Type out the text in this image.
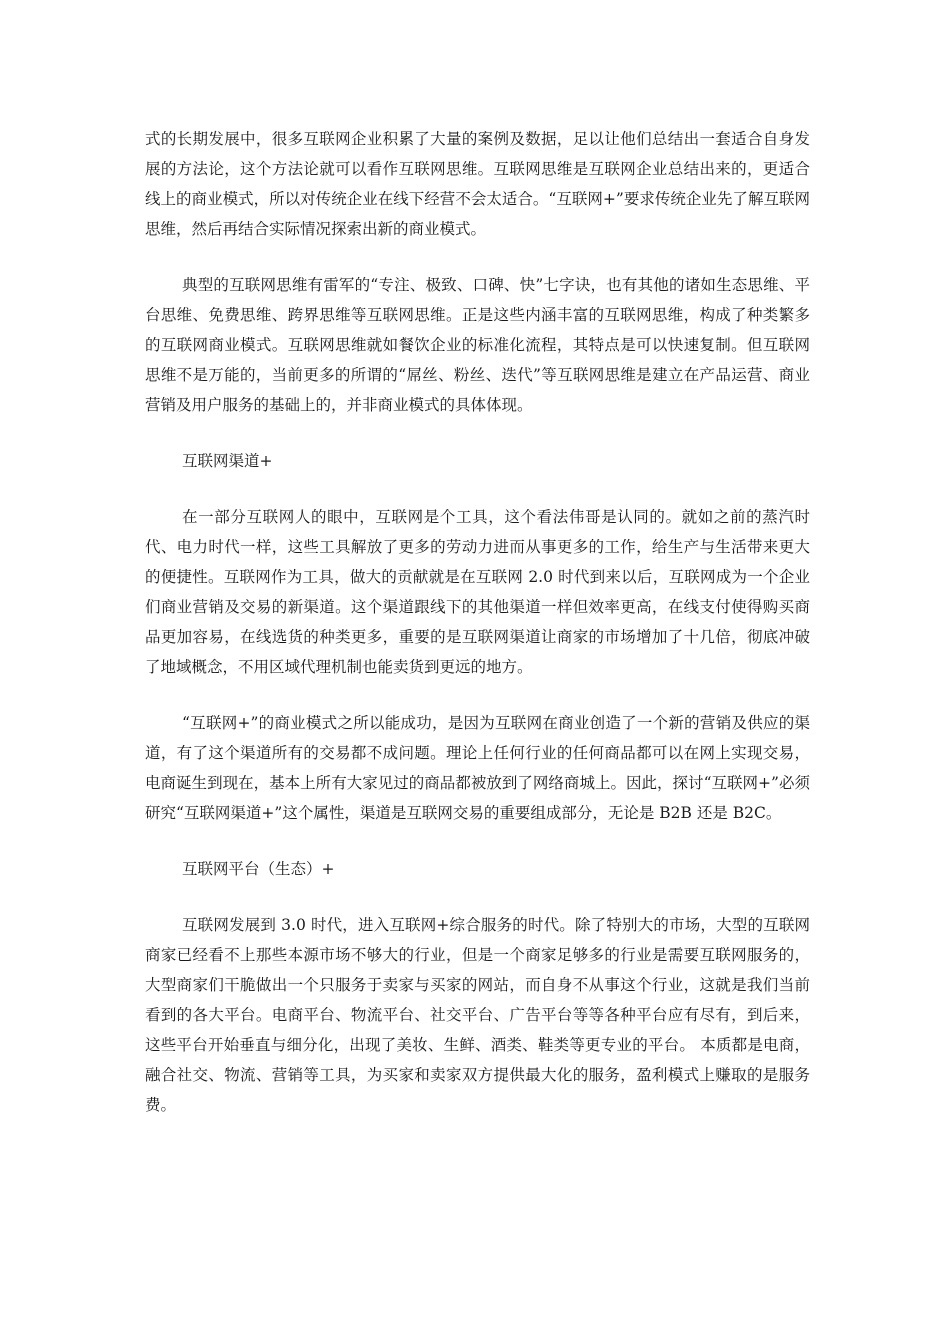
式的长期发展中，很多互联网企业积累了大量的案例及数据，足以让他们总结出一套适合自身发展的方法论，这个方法论就可以看作互联网思维。互联网思维是互联网企业总结出来的，更适合线上的商业模式，所以对传统企业在线下经营不会太适合。“互联网+”要求传统企业先了解互联网思维，然后再结合实际情况探索出新的商业模式。

典型的互联网思维有雷军的“专注、极致、口碑、快”七字诀，也有其他的诸如生态思维、平台思维、免费思维、跨界思维等互联网思维。正是这些内涵丰富的互联网思维，构成了种类繁多的互联网商业模式。互联网思维就如餐饮企业的标准化流程，其特点是可以快速复制。但互联网思维不是万能的，当前更多的所谓的“屌丝、粉丝、迭代”等互联网思维是建立在产品运营、商业营销及用户服务的基础上的，并非商业模式的具体体现。

互联网渠道+

在一部分互联网人的眼中，互联网是个工具，这个看法伟哥是认同的。就如之前的蒸汽时代、电力时代一样，这些工具解放了更多的劳动力进而从事更多的工作，给生产与生活带来更大的便捷性。互联网作为工具，做大的贡献就是在互联网 2.0 时代到来以后，互联网成为一个企业们商业营销及交易的新渠道。这个渠道跟线下的其他渠道一样但效率更高，在线支付使得购买商品更加容易，在线选货的种类更多，重要的是互联网渠道让商家的市场增加了十几倍，彻底冲破了地域概念，不用区域代理机制也能卖货到更远的地方。

“互联网+”的商业模式之所以能成功，是因为互联网在商业创造了一个新的营销及供应的渠道，有了这个渠道所有的交易都不成问题。理论上任何行业的任何商品都可以在网上实现交易，电商诞生到现在，基本上所有大家见过的商品都被放到了网络商城上。因此，探讨“互联网+”必须研究“互联网渠道+”这个属性，渠道是互联网交易的重要组成部分，无论是 B2B 还是 B2C。

互联网平台（生态）+

互联网发展到 3.0 时代，进入互联网+综合服务的时代。除了特别大的市场，大型的互联网商家已经看不上那些本源市场不够大的行业，但是一个商家足够多的行业是需要互联网服务的，大型商家们干脆做出一个只服务于卖家与买家的网站，而自身不从事这个行业，这就是我们当前看到的各大平台。电商平台、物流平台、社交平台、广告平台等等各种平台应有尽有，到后来，这些平台开始垂直与细分化，出现了美妆、生鲜、酒类、鞋类等更专业的平台。 本质都是电商，融合社交、物流、营销等工具，为买家和卖家双方提供最大化的服务，盈利模式上赚取的是服务费。
